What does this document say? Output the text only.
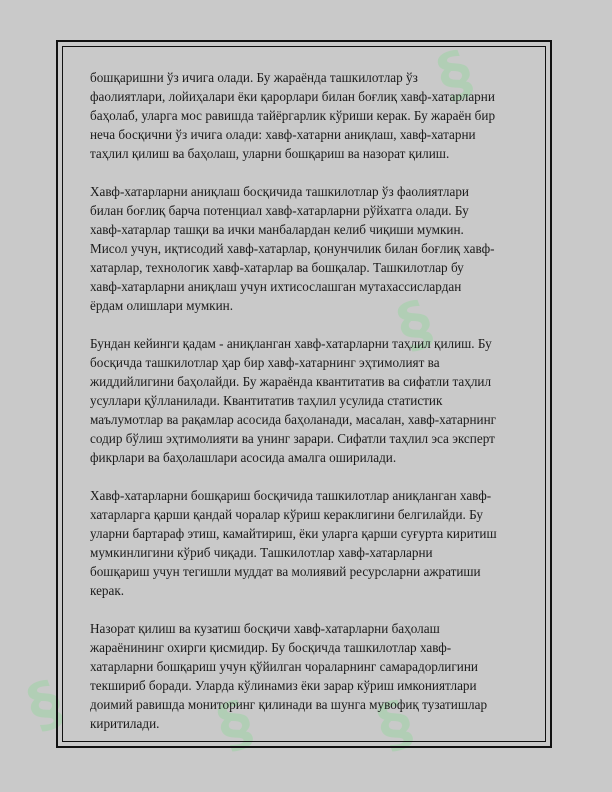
§
§
§
§
§

бошқаришни ўз ичига олади. Бу жараёнда ташкилотлар ўз
фаолиятлари, лойиҳалари ёки қарорлари билан боғлиқ хавф-хатарларни
баҳолаб, уларга мос равишда тайёргарлик кўриши керак. Бу жараён бир
неча босқични ўз ичига олади: хавф-хатарни аниқлаш, хавф-хатарни
таҳлил қилиш ва баҳолаш, уларни бошқариш ва назорат қилиш.

Хавф-хатарларни аниқлаш босқичида ташкилотлар ўз фаолиятлари
билан боғлиқ барча потенциал хавф-хатарларни рўйхатга олади. Бу
хавф-хатарлар ташқи ва ички манбалардан келиб чиқиши мумкин.
Мисол учун, иқтисодий хавф-хатарлар, қонунчилик билан боғлиқ хавф-
хатарлар, технологик хавф-хатарлар ва бошқалар. Ташкилотлар бу
хавф-хатарларни аниқлаш учун ихтисослашган мутахассислардан
ёрдам олишлари мумкин.

Бундан кейинги қадам - аниқланган хавф-хатарларни таҳлил қилиш. Бу
босқичда ташкилотлар ҳар бир хавф-хатарнинг эҳтимолият ва
жиддийлигини баҳолайди. Бу жараёнда квантитатив ва сифатли таҳлил
усуллари қўлланилади. Квантитатив таҳлил усулида статистик
маълумотлар ва рақамлар асосида баҳоланади, масалан, хавф-хатарнинг
содир бўлиш эҳтимолияти ва унинг зарари. Сифатли таҳлил эса эксперт
фикрлари ва баҳолашлари асосида амалга оширилади.

Хавф-хатарларни бошқариш босқичида ташкилотлар аниқланган хавф-
хатарларга қарши қандай чоралар кўриш кераклигини белгилайди. Бу
уларни бартараф этиш, камайтириш, ёки уларга қарши суғурта киритиш
мумкинлигини кўриб чиқади. Ташкилотлар хавф-хатарларни
бошқариш учун тегишли муддат ва молиявий ресурсларни ажратиши
керак.

Назорат қилиш ва кузатиш босқичи хавф-хатарларни баҳолаш
жараёнининг охирги қисмидир. Бу босқичда ташкилотлар хавф-
хатарларни бошқариш учун қўйилган чораларнинг самарадорлигини
текшириб боради. Уларда кўлинамиз ёки зарар кўриш имкониятлари
доимий равишда мониторинг қилинади ва шунга мувофиқ тузатишлар
киритилади.
